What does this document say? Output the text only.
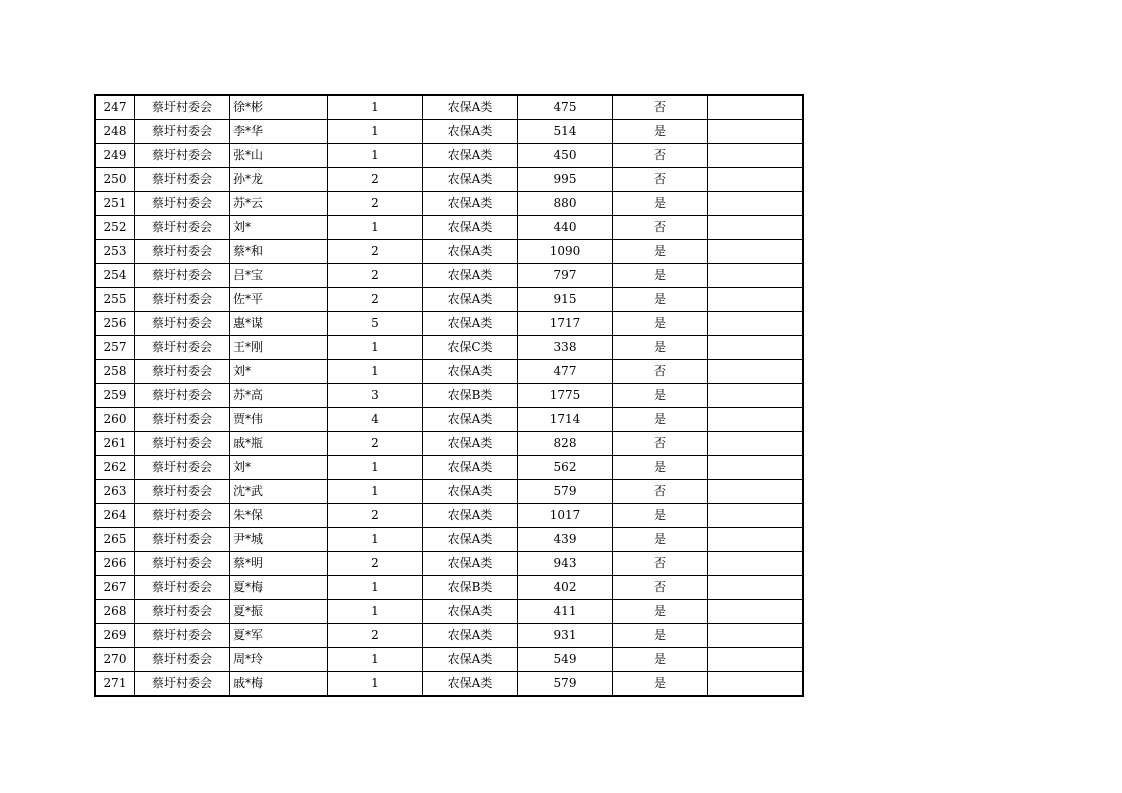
247	蔡圩村委会	徐*彬	1	农保A类	475	否	
248	蔡圩村委会	李*华	1	农保A类	514	是	
249	蔡圩村委会	张*山	1	农保A类	450	否	
250	蔡圩村委会	孙*龙	2	农保A类	995	否	
251	蔡圩村委会	苏*云	2	农保A类	880	是	
252	蔡圩村委会	刘*	1	农保A类	440	否	
253	蔡圩村委会	蔡*和	2	农保A类	1090	是	
254	蔡圩村委会	吕*宝	2	农保A类	797	是	
255	蔡圩村委会	佐*平	2	农保A类	915	是	
256	蔡圩村委会	惠*谋	5	农保A类	1717	是	
257	蔡圩村委会	王*刚	1	农保C类	338	是	
258	蔡圩村委会	刘*	1	农保A类	477	否	
259	蔡圩村委会	苏*高	3	农保B类	1775	是	
260	蔡圩村委会	贾*伟	4	农保A类	1714	是	
261	蔡圩村委会	戚*瓶	2	农保A类	828	否	
262	蔡圩村委会	刘*	1	农保A类	562	是	
263	蔡圩村委会	沈*武	1	农保A类	579	否	
264	蔡圩村委会	朱*保	2	农保A类	1017	是	
265	蔡圩村委会	尹*城	1	农保A类	439	是	
266	蔡圩村委会	蔡*明	2	农保A类	943	否	
267	蔡圩村委会	夏*梅	1	农保B类	402	否	
268	蔡圩村委会	夏*振	1	农保A类	411	是	
269	蔡圩村委会	夏*军	2	农保A类	931	是	
270	蔡圩村委会	周*玲	1	农保A类	549	是	
271	蔡圩村委会	戚*梅	1	农保A类	579	是	
